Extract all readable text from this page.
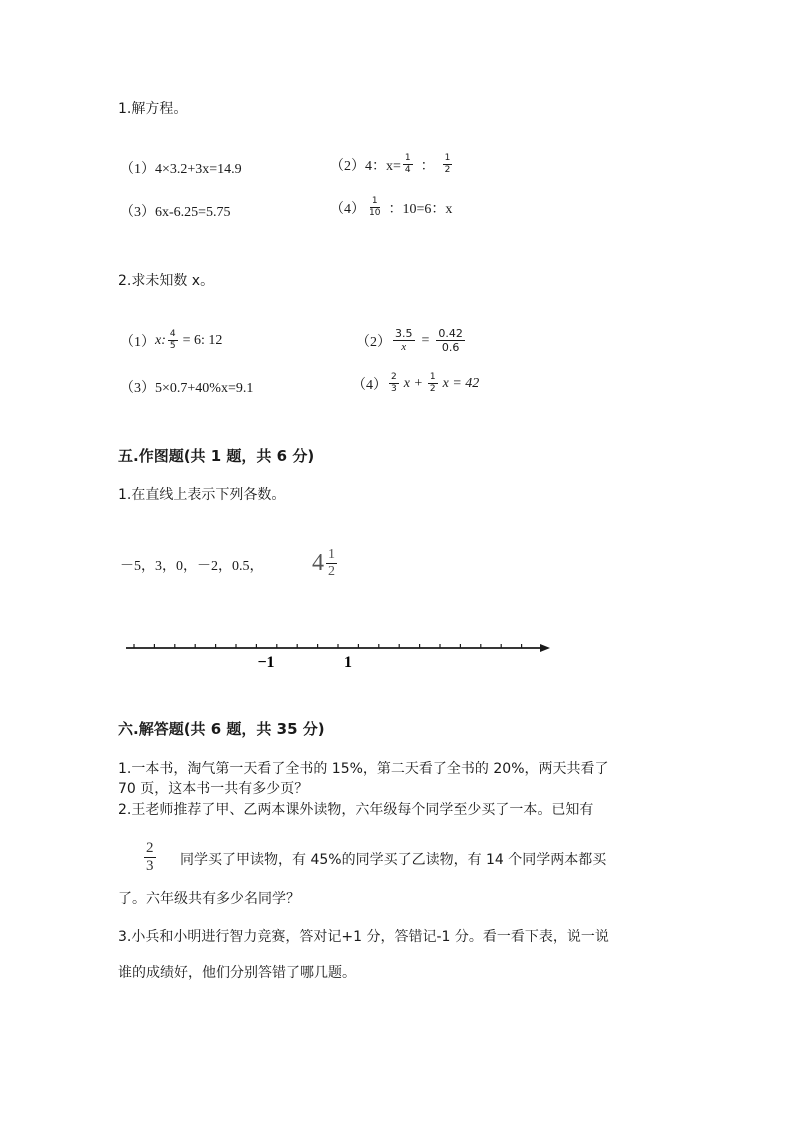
1.解方程。
（1）4×3.2+3x=14.9	（2） 4：$x= \frac{1}{4}$ ： $\frac{1}{2}$
（3）6x-6.25=5.75	$(4) \frac{1}{10}$ ：10=6：x
2.求未知数 x。
（1） x: $\frac{4}{5} = 6$: 12	$(2) \frac{3.5}{x} = \frac{0.42}{0.6}$
（3）5×0.7+40%x=9.1	$(4) \frac{2}{3}$ $x + \frac{1}{2}$ x = 42
五.作图题(共 1 题，共 6 分)
1.在直线上表示下列各数。
－5，3，0，－2，0.5， $4 \frac{1}{2}$
−1	1
六.解答题(共 6 题，共 35 分)
1.一本书，淘气第一天看了全书的 15%，第二天看了全书的 20%，两天共看了
70 页，这本书一共有多少页？
2.王老师推荐了甲、乙两本课外读物，六年级每个同学至少买了一本。已知有
$\frac{2}{3}$ 同学买了甲读物，有 45%的同学买了乙读物，有 14 个同学两本都买
了。六年级共有多少名同学？
3.小兵和小明进行智力竞赛，答对记+1 分，答错记-1 分。看一看下表，说一说
谁的成绩好，他们分别答错了哪几题。
